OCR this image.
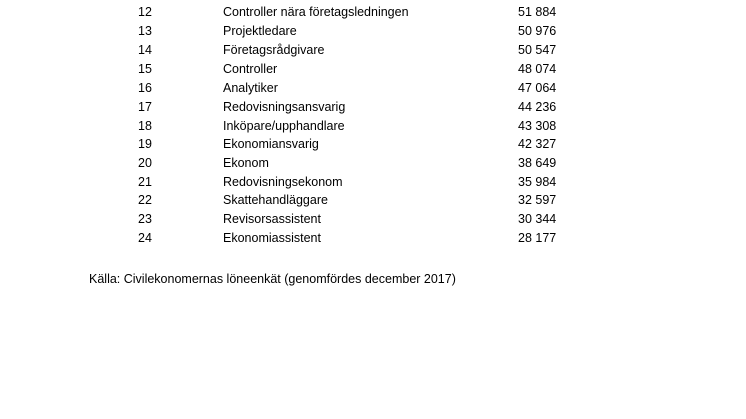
12	Controller nära företagsledningen	51 884
13	Projektledare	50 976
14	Företagsrådgivare	50 547
15	Controller	48 074
16	Analytiker	47 064
17	Redovisningsansvarig	44 236
18	Inköpare/upphandlare	43 308
19	Ekonomiansvarig	42 327
20	Ekonom	38 649
21	Redovisningsekonom	35 984
22	Skattehandläggare	32 597
23	Revisorsassistent	30 344
24	Ekonomiassistent	28 177
Källa: Civilekonomernas löneenkät (genomfördes december 2017)
